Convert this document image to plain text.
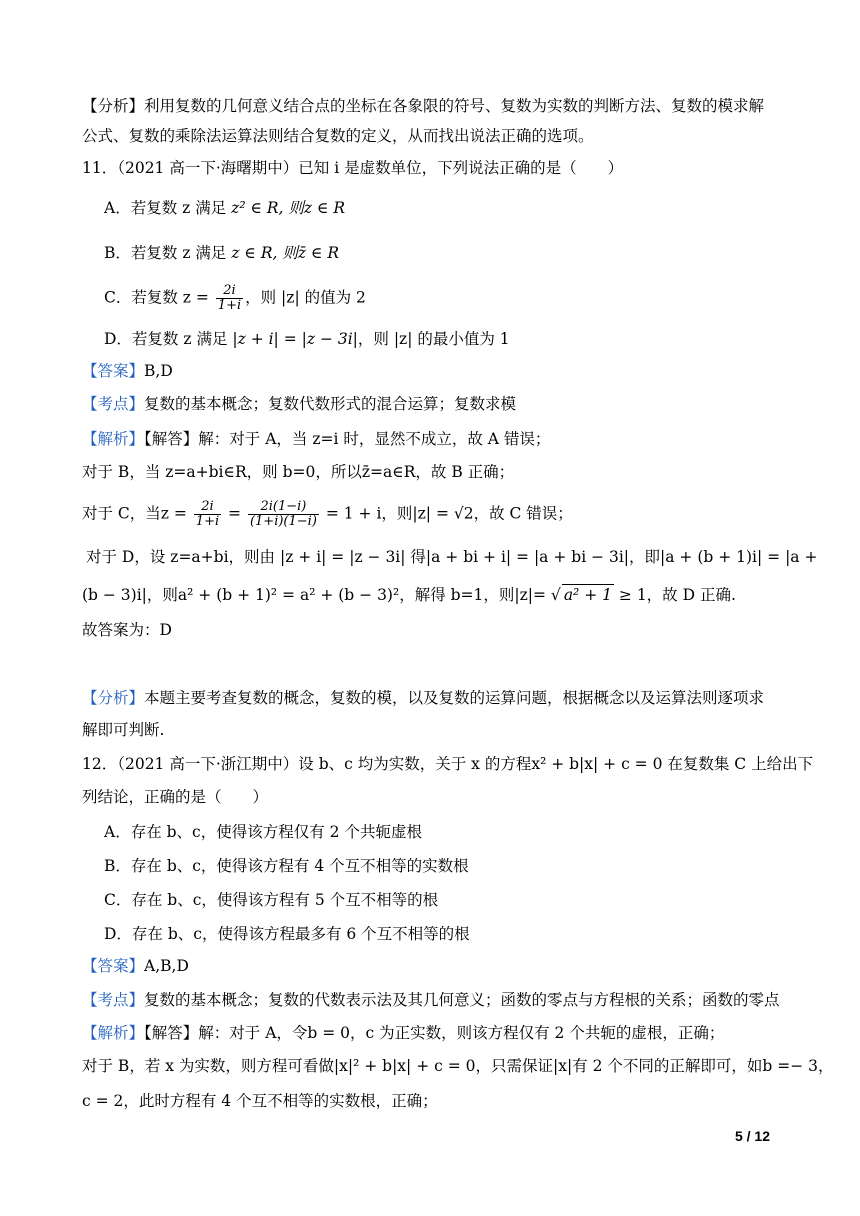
【分析】利用复数的几何意义结合点的坐标在各象限的符号、复数为实数的判断方法、复数的模求解
公式、复数的乘除法运算法则结合复数的定义，从而找出说法正确的选项。
11．（2021 高一下·海曙期中）已知 i 是虚数单位，下列说法正确的是（　　）
A．若复数 z 满足 z² ∈ R, 则z ∈ R
B．若复数 z 满足 z ∈ R, 则z̄ ∈ R
C．若复数 $z = \frac{2i}{1+i}$ ，则 |z| 的值为 2
D．若复数 z 满足 |z + i| = |z − 3i|，则 |z| 的最小值为 1
【答案】B,D
【考点】复数的基本概念；复数代数形式的混合运算；复数求模
【解析】【解答】解：对于 A，当 z=i 时，显然不成立，故 A 错误；
对于 B，当 z=a+bi∈R，则 b=0，所以z̄=a∈R，故 B 正确；
对于 C，当$z = \frac{2i}{1+i} = \frac{2i(1-i)}{(1+i)(1-i)} = 1 + i$，则|z| = √2，故 C 错误；
对于 D，设 z=a+bi，则由 |z + i| = |z − 3i| 得|a + bi + i| = |a + bi − 3i|，即|a + (b + 1)i| = |a +
(b − 3)i|，则a² + (b + 1)² = a² + (b − 3)²，解得 b=1，则|z|= √ a² + 1 ≥ 1，故 D 正确.
故答案为：D
【分析】本题主要考查复数的概念，复数的模，以及复数的运算问题，根据概念以及运算法则逐项求
解即可判断.
12．（2021 高一下·浙江期中）设 b、c 均为实数，关于 x 的方程x² + b|x| + c = 0 在复数集 C 上给出下
列结论，正确的是（　　）
A．存在 b、c，使得该方程仅有 2 个共轭虚根
B．存在 b、c，使得该方程有 4 个互不相等的实数根
C．存在 b、c，使得该方程有 5 个互不相等的根
D．存在 b、c，使得该方程最多有 6 个互不相等的根
【答案】A,B,D
【考点】复数的基本概念；复数的代数表示法及其几何意义；函数的零点与方程根的关系；函数的零点
【解析】【解答】解：对于 A，令b = 0，c 为正实数，则该方程仅有 2 个共轭的虚根，正确；
对于 B，若 x 为实数，则方程可看做|x|² + b|x| + c = 0，只需保证|x|有 2 个不同的正解即可，如b =− 3，
c = 2，此时方程有 4 个互不相等的实数根，正确；
5 / 12
